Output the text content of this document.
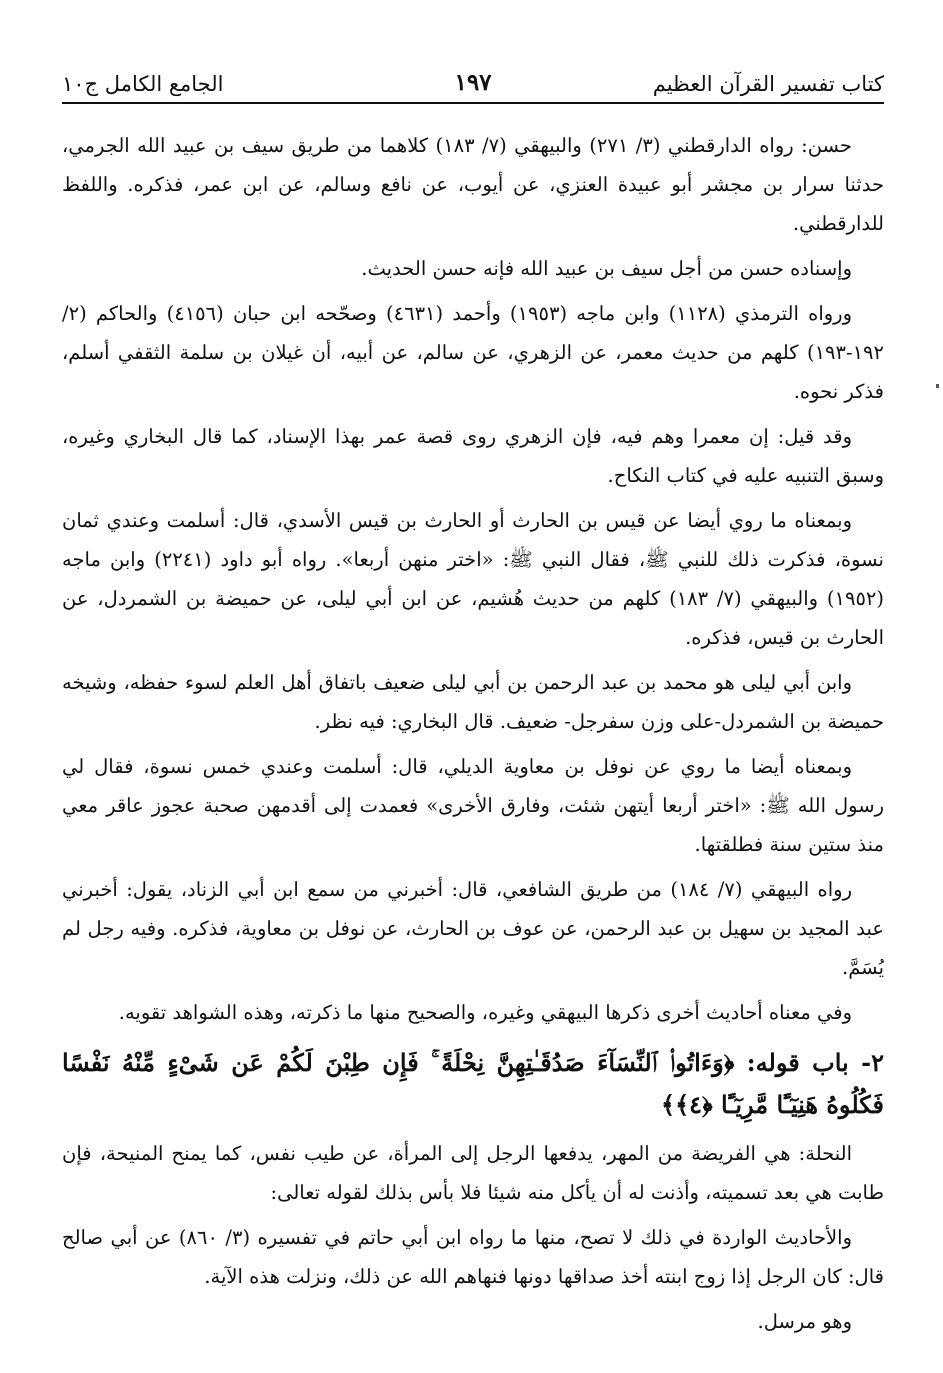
كتاب تفسير القرآن العظيم
١٩٧
الجامع الكامل ج١٠

حسن: رواه الدارقطني (٣/ ٢٧١) والبيهقي (٧/ ١٨٣) كلاهما من طريق سيف بن عبيد الله الجرمي، حدثنا سرار بن مجشر أبو عبيدة العنزي، عن أيوب، عن نافع وسالم، عن ابن عمر، فذكره. واللفظ للدارقطني.

وإسناده حسن من أجل سيف بن عبيد الله فإنه حسن الحديث.

ورواه الترمذي (١١٢٨) وابن ماجه (١٩٥٣) وأحمد (٤٦٣١) وصحّحه ابن حبان (٤١٥٦) والحاكم (٢/ ١٩٢-١٩٣) كلهم من حديث معمر، عن الزهري، عن سالم، عن أبيه، أن غيلان بن سلمة الثقفي أسلم، فذكر نحوه.

وقد قيل: إن معمرا وهم فيه، فإن الزهري روى قصة عمر بهذا الإسناد، كما قال البخاري وغيره، وسبق التنبيه عليه في كتاب النكاح.

وبمعناه ما روي أيضا عن قيس بن الحارث أو الحارث بن قيس الأسدي، قال: أسلمت وعندي ثمان نسوة، فذكرت ذلك للنبي ﷺ، فقال النبي ﷺ: «اختر منهن أربعا». رواه أبو داود (٢٢٤١) وابن ماجه (١٩٥٢) والبيهقي (٧/ ١٨٣) كلهم من حديث هُشيم، عن ابن أبي ليلى، عن حميضة بن الشمردل، عن الحارث بن قيس، فذكره.

وابن أبي ليلى هو محمد بن عبد الرحمن بن أبي ليلى ضعيف باتفاق أهل العلم لسوء حفظه، وشيخه حميضة بن الشمردل-على وزن سفرجل- ضعيف. قال البخاري: فيه نظر.

وبمعناه أيضا ما روي عن نوفل بن معاوية الديلي، قال: أسلمت وعندي خمس نسوة، فقال لي رسول الله ﷺ: «اختر أربعا أيتهن شئت، وفارق الأخرى» فعمدت إلى أقدمهن صحبة عجوز عاقر معي منذ ستين سنة فطلقتها.

رواه البيهقي (٧/ ١٨٤) من طريق الشافعي، قال: أخبرني من سمع ابن أبي الزناد، يقول: أخبرني عبد المجيد بن سهيل بن عبد الرحمن، عن عوف بن الحارث، عن نوفل بن معاوية، فذكره. وفيه رجل لم يُسَمَّ.

وفي معناه أحاديث أخرى ذكرها البيهقي وغيره، والصحيح منها ما ذكرته، وهذه الشواهد تقويه.

٢- باب قوله: ﴿وَءَاتُوا۟ ٱلنِّسَآءَ صَدُقَـٰتِهِنَّ نِحْلَةً ۚ فَإِن طِبْنَ لَكُمْ عَن شَىْءٍ مِّنْهُ نَفْسًا فَكُلُوهُ هَنِيٓـًٔا مَّرِيٓـًٔا ﴿٤﴾﴾

النحلة: هي الفريضة من المهر، يدفعها الرجل إلى المرأة، عن طيب نفس، كما يمنح المنيحة، فإن طابت هي بعد تسميته، وأذنت له أن يأكل منه شيئا فلا بأس بذلك لقوله تعالى:

والأحاديث الواردة في ذلك لا تصح، منها ما رواه ابن أبي حاتم في تفسيره (٣/ ٨٦٠) عن أبي صالح قال: كان الرجل إذا زوج ابنته أخذ صداقها دونها فنهاهم الله عن ذلك، ونزلت هذه الآية.

وهو مرسل.
